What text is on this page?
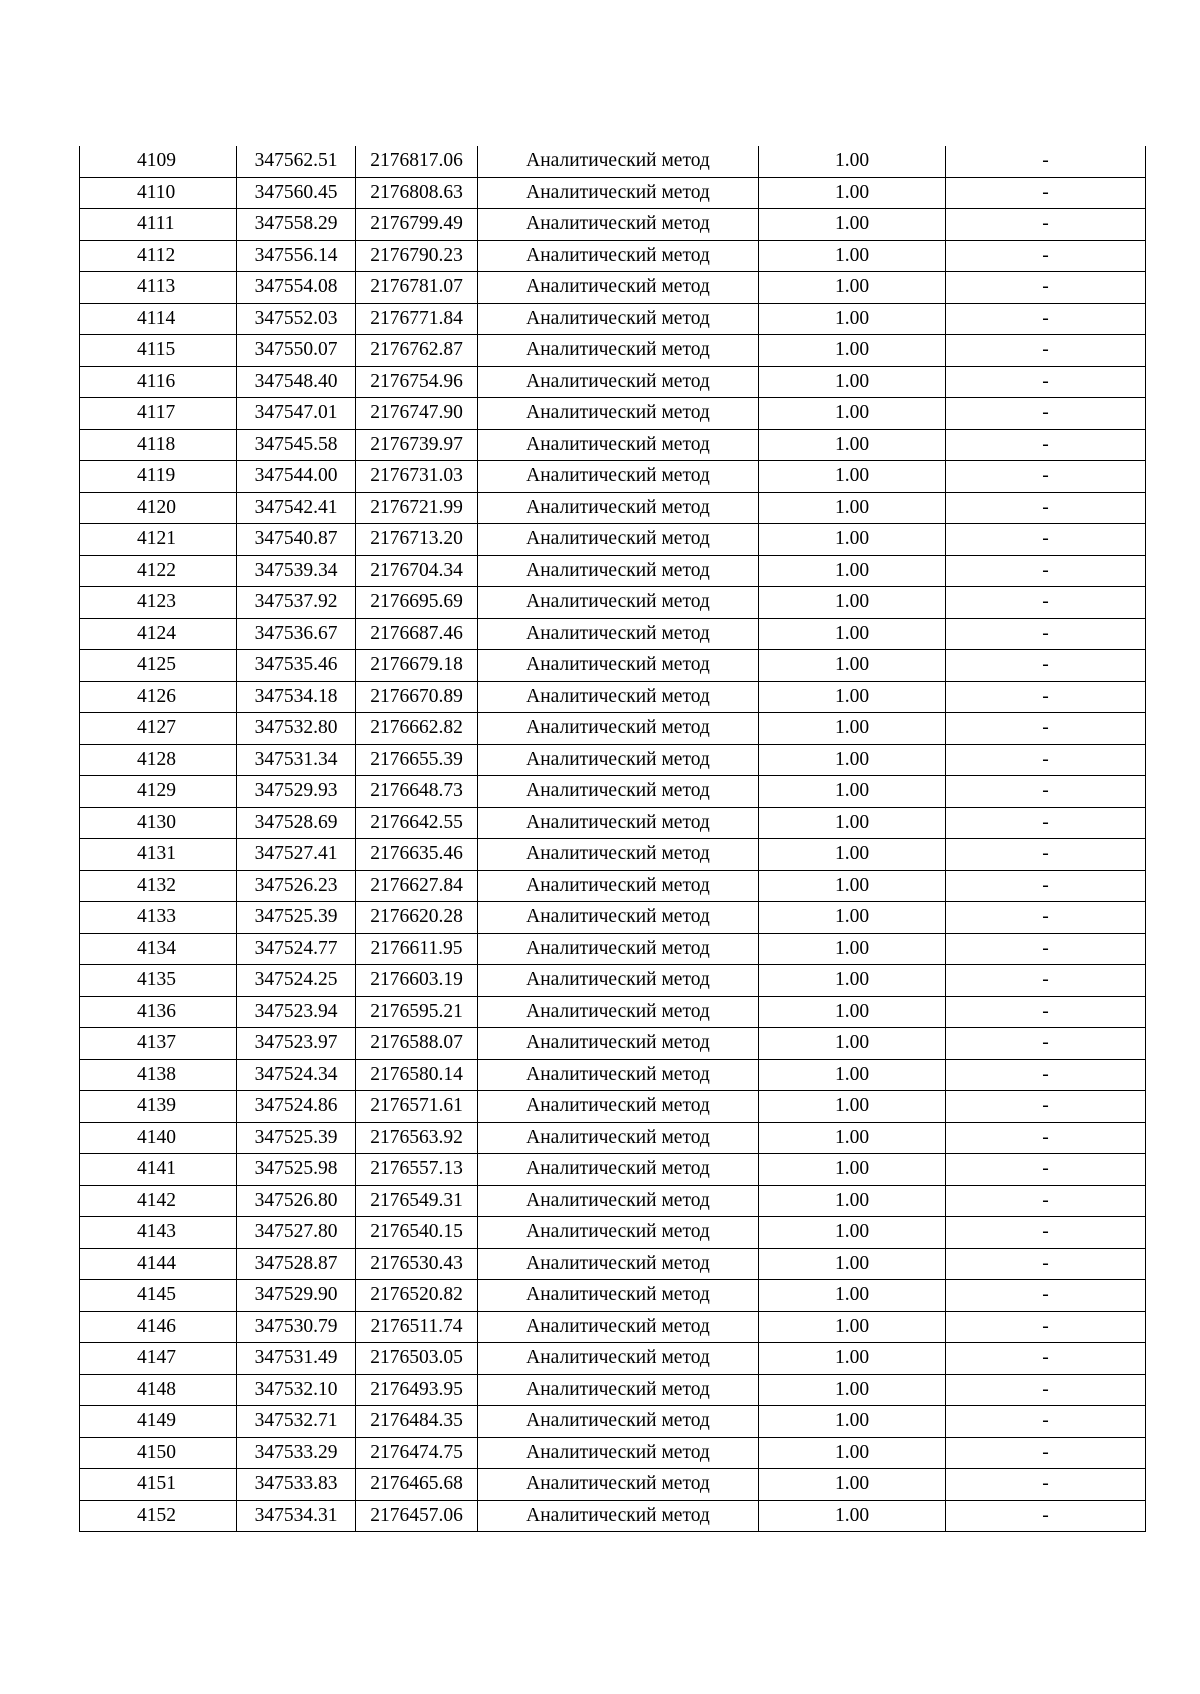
4109	347562.51	2176817.06	Аналитический метод	1.00	-
4110	347560.45	2176808.63	Аналитический метод	1.00	-
4111	347558.29	2176799.49	Аналитический метод	1.00	-
4112	347556.14	2176790.23	Аналитический метод	1.00	-
4113	347554.08	2176781.07	Аналитический метод	1.00	-
4114	347552.03	2176771.84	Аналитический метод	1.00	-
4115	347550.07	2176762.87	Аналитический метод	1.00	-
4116	347548.40	2176754.96	Аналитический метод	1.00	-
4117	347547.01	2176747.90	Аналитический метод	1.00	-
4118	347545.58	2176739.97	Аналитический метод	1.00	-
4119	347544.00	2176731.03	Аналитический метод	1.00	-
4120	347542.41	2176721.99	Аналитический метод	1.00	-
4121	347540.87	2176713.20	Аналитический метод	1.00	-
4122	347539.34	2176704.34	Аналитический метод	1.00	-
4123	347537.92	2176695.69	Аналитический метод	1.00	-
4124	347536.67	2176687.46	Аналитический метод	1.00	-
4125	347535.46	2176679.18	Аналитический метод	1.00	-
4126	347534.18	2176670.89	Аналитический метод	1.00	-
4127	347532.80	2176662.82	Аналитический метод	1.00	-
4128	347531.34	2176655.39	Аналитический метод	1.00	-
4129	347529.93	2176648.73	Аналитический метод	1.00	-
4130	347528.69	2176642.55	Аналитический метод	1.00	-
4131	347527.41	2176635.46	Аналитический метод	1.00	-
4132	347526.23	2176627.84	Аналитический метод	1.00	-
4133	347525.39	2176620.28	Аналитический метод	1.00	-
4134	347524.77	2176611.95	Аналитический метод	1.00	-
4135	347524.25	2176603.19	Аналитический метод	1.00	-
4136	347523.94	2176595.21	Аналитический метод	1.00	-
4137	347523.97	2176588.07	Аналитический метод	1.00	-
4138	347524.34	2176580.14	Аналитический метод	1.00	-
4139	347524.86	2176571.61	Аналитический метод	1.00	-
4140	347525.39	2176563.92	Аналитический метод	1.00	-
4141	347525.98	2176557.13	Аналитический метод	1.00	-
4142	347526.80	2176549.31	Аналитический метод	1.00	-
4143	347527.80	2176540.15	Аналитический метод	1.00	-
4144	347528.87	2176530.43	Аналитический метод	1.00	-
4145	347529.90	2176520.82	Аналитический метод	1.00	-
4146	347530.79	2176511.74	Аналитический метод	1.00	-
4147	347531.49	2176503.05	Аналитический метод	1.00	-
4148	347532.10	2176493.95	Аналитический метод	1.00	-
4149	347532.71	2176484.35	Аналитический метод	1.00	-
4150	347533.29	2176474.75	Аналитический метод	1.00	-
4151	347533.83	2176465.68	Аналитический метод	1.00	-
4152	347534.31	2176457.06	Аналитический метод	1.00	-
